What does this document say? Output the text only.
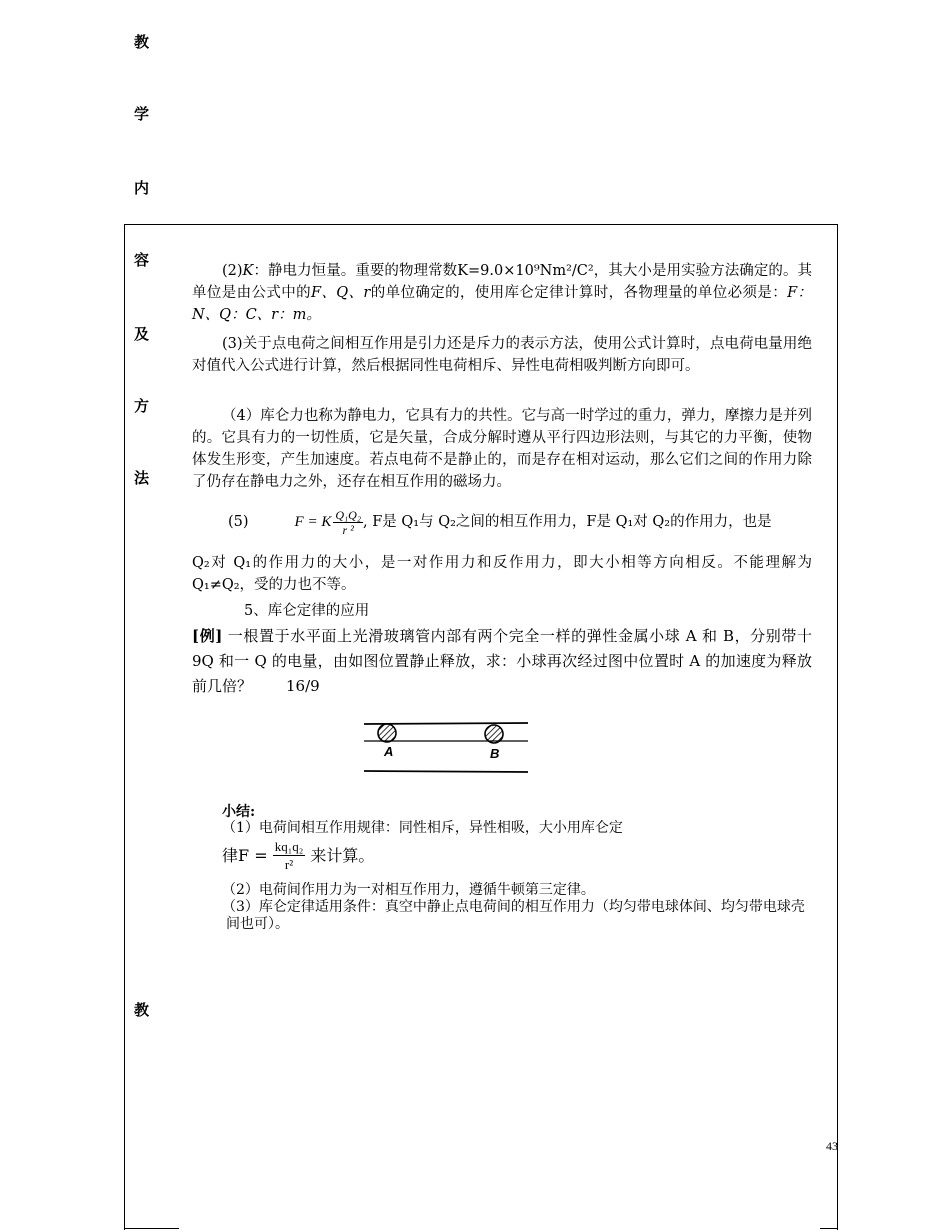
教
学
内
容
及
方
法
教
(2)K：静电力恒量。重要的物理常数K=9.0×10⁹Nm²/C²，其大小是用实验方法确定的。其单位是由公式中的F、Q、r的单位确定的，使用库仑定律计算时，各物理量的单位必须是：F：N、Q：C、r：m。
(3)关于点电荷之间相互作用是引力还是斥力的表示方法，使用公式计算时，点电荷电量用绝对值代入公式进行计算，然后根据同性电荷相斥、异性电荷相吸判断方向即可。
（4）库仑力也称为静电力，它具有力的共性。它与高一时学过的重力，弹力，摩擦力是并列的。它具有力的一切性质，它是矢量，合成分解时遵从平行四边形法则，与其它的力平衡，使物体发生形变，产生加速度。若点电荷不是静止的，而是存在相对运动，那么它们之间的作用力除了仍存在静电力之外，还存在相互作用的磁场力。
(5)	F = K $\frac{\text{Q₁Q₂}}{\text{r ²}}$ , F是 Q₁与 Q₂之间的相互作用力，F是 Q₁对 Q₂的作用力，也是
Q₂对 Q₁的作用力的大小，是一对作用力和反作用力，即大小相等方向相反。不能理解为 Q₁≠Q₂，受的力也不等。
5、库仑定律的应用
[例] 一根置于水平面上光滑玻璃管内部有两个完全一样的弹性金属小球 A 和 B，分别带十 9Q 和一 Q 的电量，由如图位置静止释放，求：小球再次经过图中位置时 A 的加速度为释放前几倍？ 16/9
A	B
小结:
（1）电荷间相互作用规律：同性相斥，异性相吸，大小用库仑定
律$F = \frac{\text{kq₁q₂}}{\text{r²}}$ 来计算。
（2）电荷间作用力为一对相互作用力，遵循牛顿第三定律。
（3）库仑定律适用条件：真空中静止点电荷间的相互作用力（均匀带电球体间、均匀带电球壳间也可）。
43
